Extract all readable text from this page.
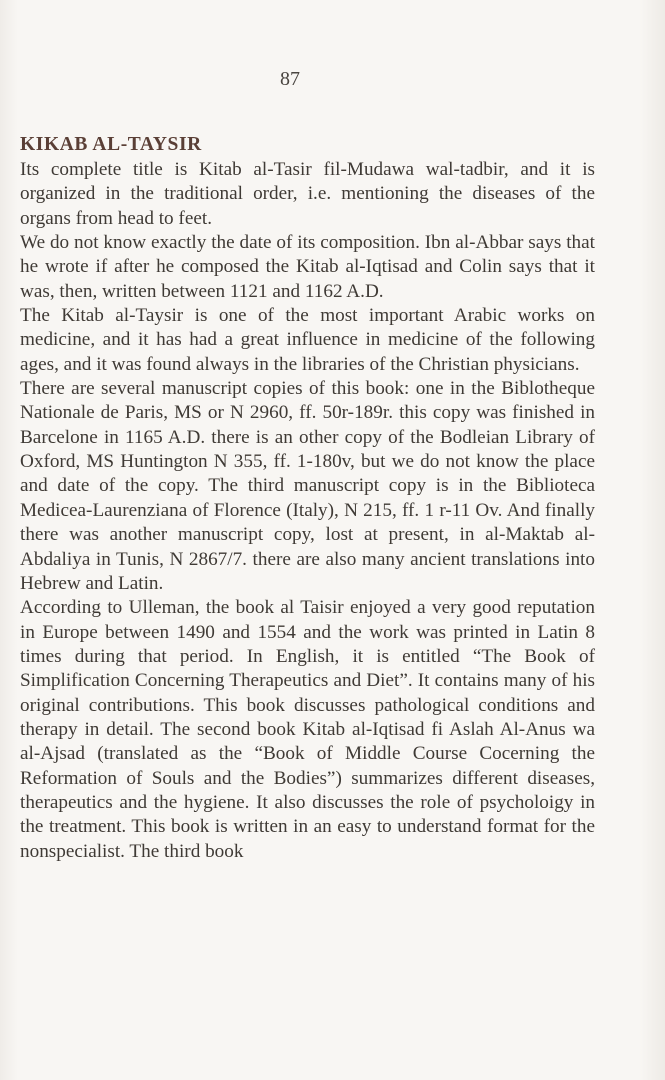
87
KIKAB AL-TAYSIR

Its complete title is Kitab al-Tasir fil-Mudawa wal-tadbir, and it is organized in the traditional order, i.e. mentioning the diseases of the organs from head to feet.

We do not know exactly the date of its composition. Ibn al-Abbar says that he wrote if after he composed the Kitab al-Iqtisad and Colin says that it was, then, written between 1121 and 1162 A.D.

The Kitab al-Taysir is one of the most important Arabic works on medicine, and it has had a great influence in medicine of the following ages, and it was found always in the libraries of the Christian physicians.

There are several manuscript copies of this book: one in the Biblotheque Nationale de Paris, MS or N 2960, ff. 50r-189r. this copy was finished in Barcelone in 1165 A.D. there is an other copy of the Bodleian Library of Oxford, MS Huntington N 355, ff. 1-180v, but we do not know the place and date of the copy. The third manuscript copy is in the Biblioteca Medicea-Laurenziana of Florence (Italy), N 215, ff. 1 r-11 Ov. And finally there was another manuscript copy, lost at present, in al-Maktab al-Abdaliya in Tunis, N 2867/7. there are also many ancient translations into Hebrew and Latin.

According to Ulleman, the book al Taisir enjoyed a very good reputation in Europe between 1490 and 1554 and the work was printed in Latin 8 times during that period. In English, it is entitled “The Book of Simplification Concerning Therapeutics and Diet”. It contains many of his original contributions. This book discusses pathological conditions and therapy in detail. The second book Kitab al-Iqtisad fi Aslah Al-Anus wa al-Ajsad (translated as the “Book of Middle Course Cocerning the Reformation of Souls and the Bodies”) summarizes different diseases, therapeutics and the hygiene. It also discusses the role of psycholoigy in the treatment. This book is written in an easy to understand format for the nonspecialist. The third book
